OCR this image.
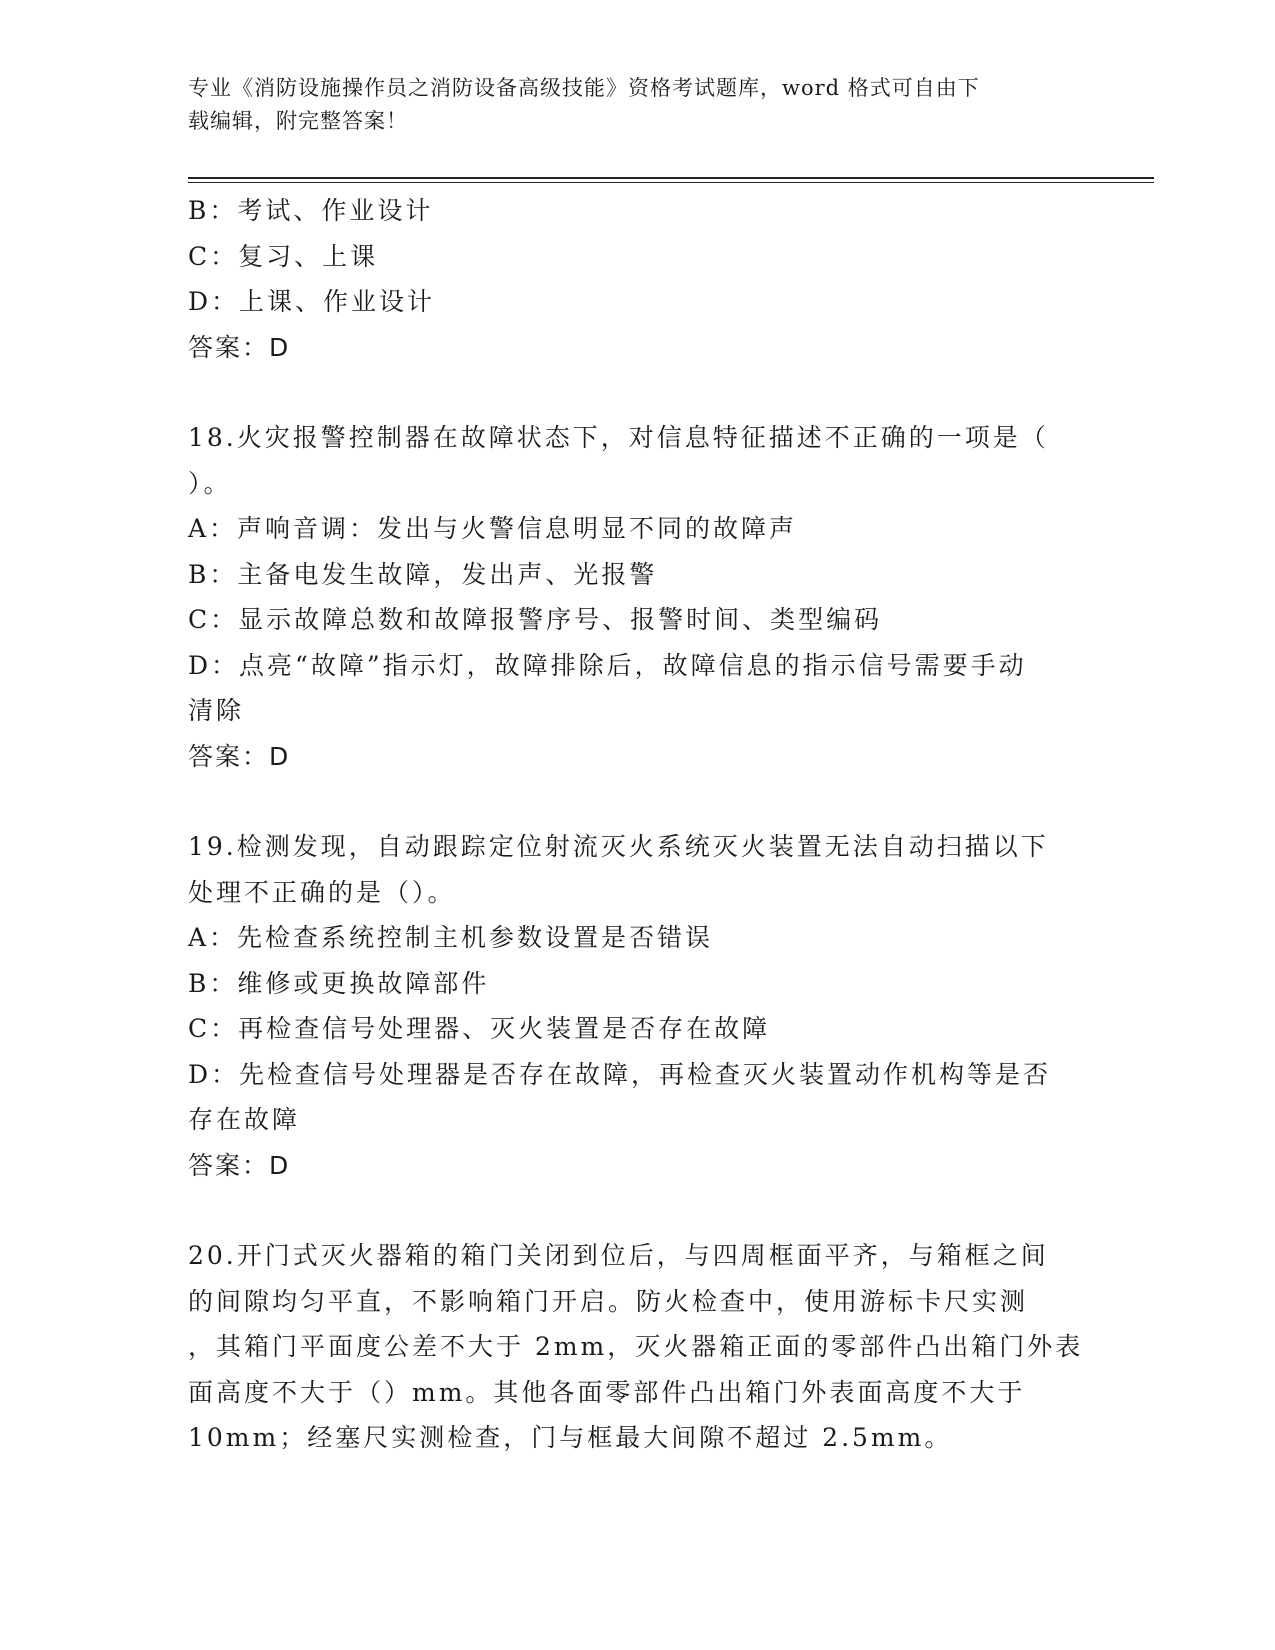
专业《消防设施操作员之消防设备高级技能》资格考试题库，word 格式可自由下
载编辑，附完整答案！
B：考试、作业设计
C：复习、上课
D：上课、作业设计
答案：D
18.火灾报警控制器在故障状态下，对信息特征描述不正确的一项是（
）。
A：声响音调：发出与火警信息明显不同的故障声
B：主备电发生故障，发出声、光报警
C：显示故障总数和故障报警序号、报警时间、类型编码
D：点亮“故障”指示灯，故障排除后，故障信息的指示信号需要手动
清除
答案：D
19.检测发现，自动跟踪定位射流灭火系统灭火装置无法自动扫描以下
处理不正确的是（）。
A：先检查系统控制主机参数设置是否错误
B：维修或更换故障部件
C：再检查信号处理器、灭火装置是否存在故障
D：先检查信号处理器是否存在故障，再检查灭火装置动作机构等是否
存在故障
答案：D
20.开门式灭火器箱的箱门关闭到位后，与四周框面平齐，与箱框之间
的间隙均匀平直，不影响箱门开启。防火检查中，使用游标卡尺实测
，其箱门平面度公差不大于 2mm，灭火器箱正面的零部件凸出箱门外表
面高度不大于（）mm。其他各面零部件凸出箱门外表面高度不大于
10mm；经塞尺实测检查，门与框最大间隙不超过 2.5mm。
